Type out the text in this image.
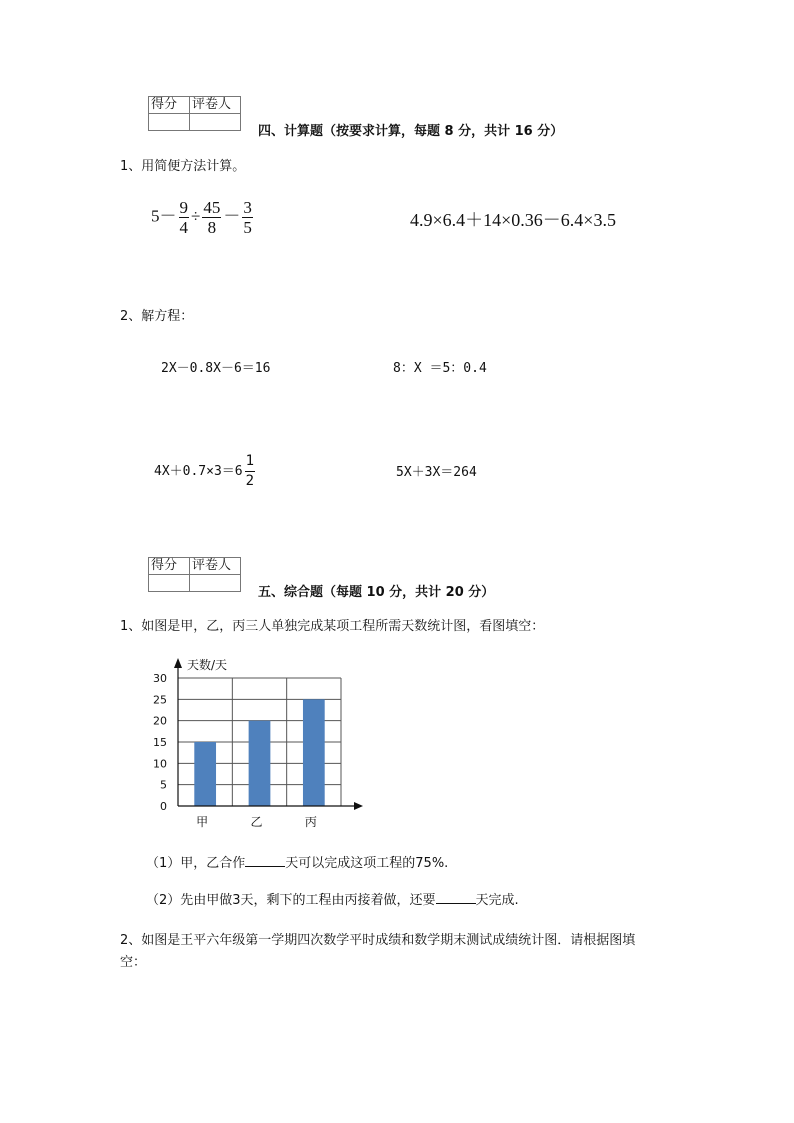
得分	评卷人

四、计算题（按要求计算，每题 8 分，共计 16 分）
1、用简便方法计算。
$5- \frac{9}{4} \div \frac{45}{8} - \frac{3}{5}$	4.9×6.4＋14×0.36－6.4×3.5
2、解方程：
2X－0.8X－6＝16	8：X ＝5：0.4
$4X+0.7\times 3=6 \frac{1}{2}$	5X＋3X＝264
得分	评卷人

五、综合题（每题 10 分，共计 20 分）
1、如图是甲，乙，丙三人单独完成某项工程所需天数统计图，看图填空：
天数/天
0
5
10
15
20
25
30
甲	乙	丙
（1）甲，乙合作	天可以完成这项工程的75%.
（2）先由甲做3天，剩下的工程由丙接着做，还要	天完成.
2、如图是王平六年级第一学期四次数学平时成绩和数学期末测试成绩统计图．请根据图填
空：
